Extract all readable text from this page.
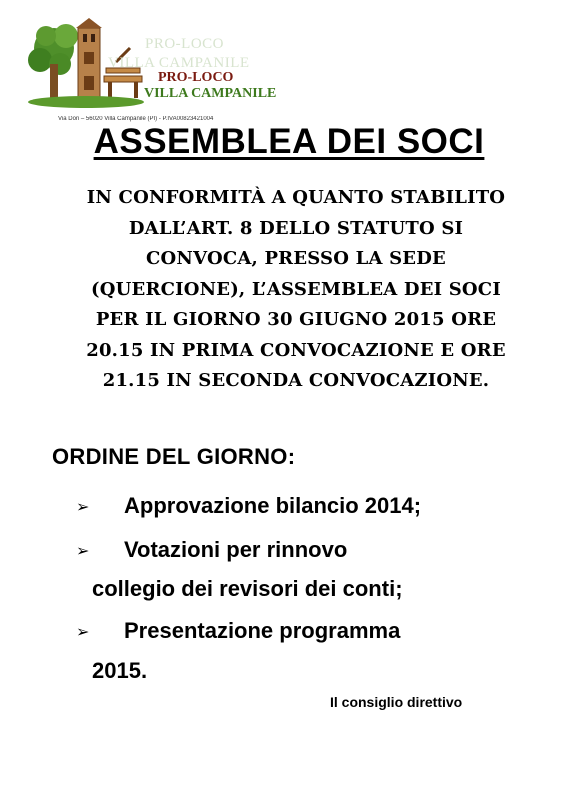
PRO-LOCO
VILLA CAMPANILE
PRO-LOCO
VILLA CAMPANILE
Via Dori – 56020 Villa Campanile (PI) - P.IVA00823421004
ASSEMBLEA DEI SOCI
IN CONFORMITÀ A QUANTO STABILITO
DALL’ART. 8 DELLO STATUTO SI
CONVOCA, PRESSO LA SEDE
(QUERCIONE), L’ASSEMBLEA DEI SOCI
PER IL GIORNO 30 GIUGNO 2015 ORE
20.15 IN PRIMA CONVOCAZIONE E ORE
21.15 IN SECONDA CONVOCAZIONE.
ORDINE DEL GIORNO:
➢ Approvazione bilancio 2014;
➢ Votazioni per rinnovo
collegio dei revisori dei conti;
➢ Presentazione programma
2015.
Il consiglio direttivo
